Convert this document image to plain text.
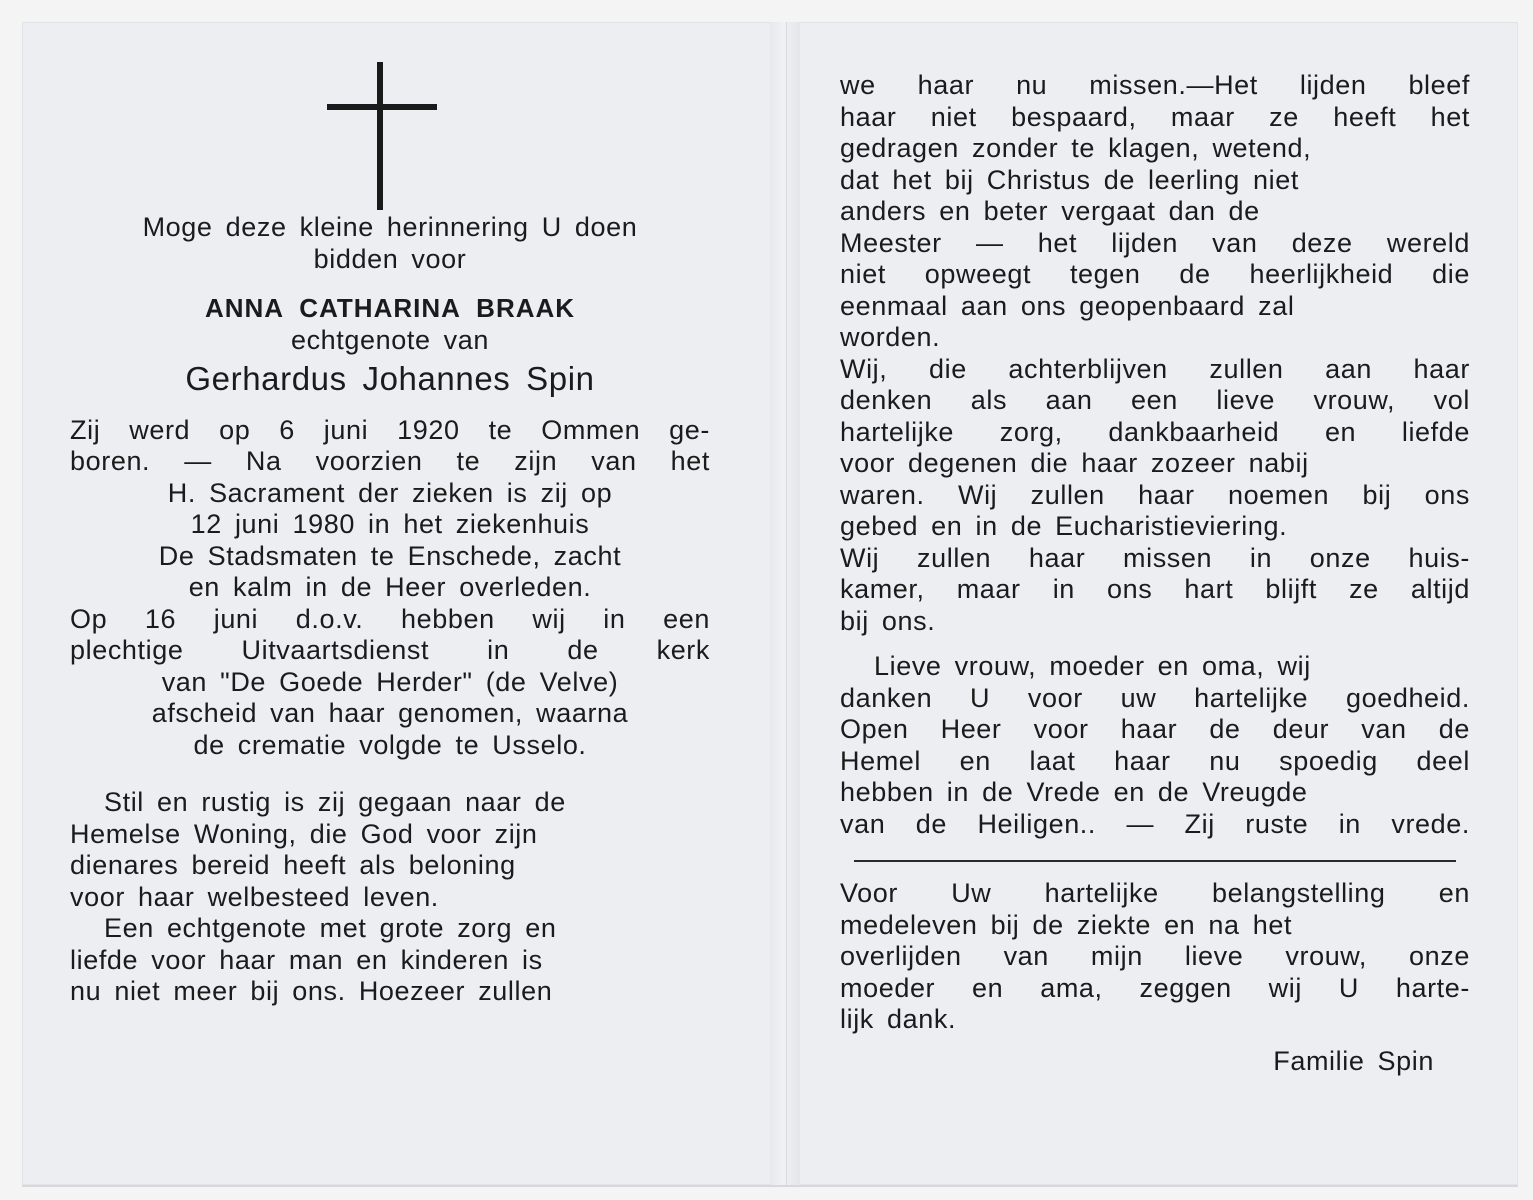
Moge deze kleine herinnering U doen
bidden voor
ANNA CATHARINA BRAAK
echtgenote van
Gerhardus Johannes Spin
Zij werd op 6 juni 1920 te Ommen ge-
boren. — Na voorzien te zijn van het
H. Sacrament der zieken is zij op
12 juni 1980 in het ziekenhuis
De Stadsmaten te Enschede, zacht
en kalm in de Heer overleden.
Op 16 juni d.o.v. hebben wij in een
plechtige Uitvaartsdienst in de kerk
van "De Goede Herder" (de Velve)
afscheid van haar genomen, waarna
de crematie volgde te Usselo.
Stil en rustig is zij gegaan naar de
Hemelse Woning, die God voor zijn
dienares bereid heeft als beloning
voor haar welbesteed leven.
Een echtgenote met grote zorg en
liefde voor haar man en kinderen is
nu niet meer bij ons. Hoezeer zullen
we haar nu missen.—Het lijden bleef
haar niet bespaard, maar ze heeft het
gedragen zonder te klagen, wetend,
dat het bij Christus de leerling niet
anders en beter vergaat dan de
Meester — het lijden van deze wereld
niet opweegt tegen de heerlijkheid die
eenmaal aan ons geopenbaard zal
worden.
Wij, die achterblijven zullen aan haar
denken als aan een lieve vrouw, vol
hartelijke zorg, dankbaarheid en liefde
voor degenen die haar zozeer nabij
waren. Wij zullen haar noemen bij ons
gebed en in de Eucharistieviering.
Wij zullen haar missen in onze huis-
kamer, maar in ons hart blijft ze altijd
bij ons.
Lieve vrouw, moeder en oma, wij
danken U voor uw hartelijke goedheid.
Open Heer voor haar de deur van de
Hemel en laat haar nu spoedig deel
hebben in de Vrede en de Vreugde
van de Heiligen.. — Zij ruste in vrede.
Voor Uw hartelijke belangstelling en
medeleven bij de ziekte en na het
overlijden van mijn lieve vrouw, onze
moeder en ama, zeggen wij U harte-
lijk dank.
Familie Spin
